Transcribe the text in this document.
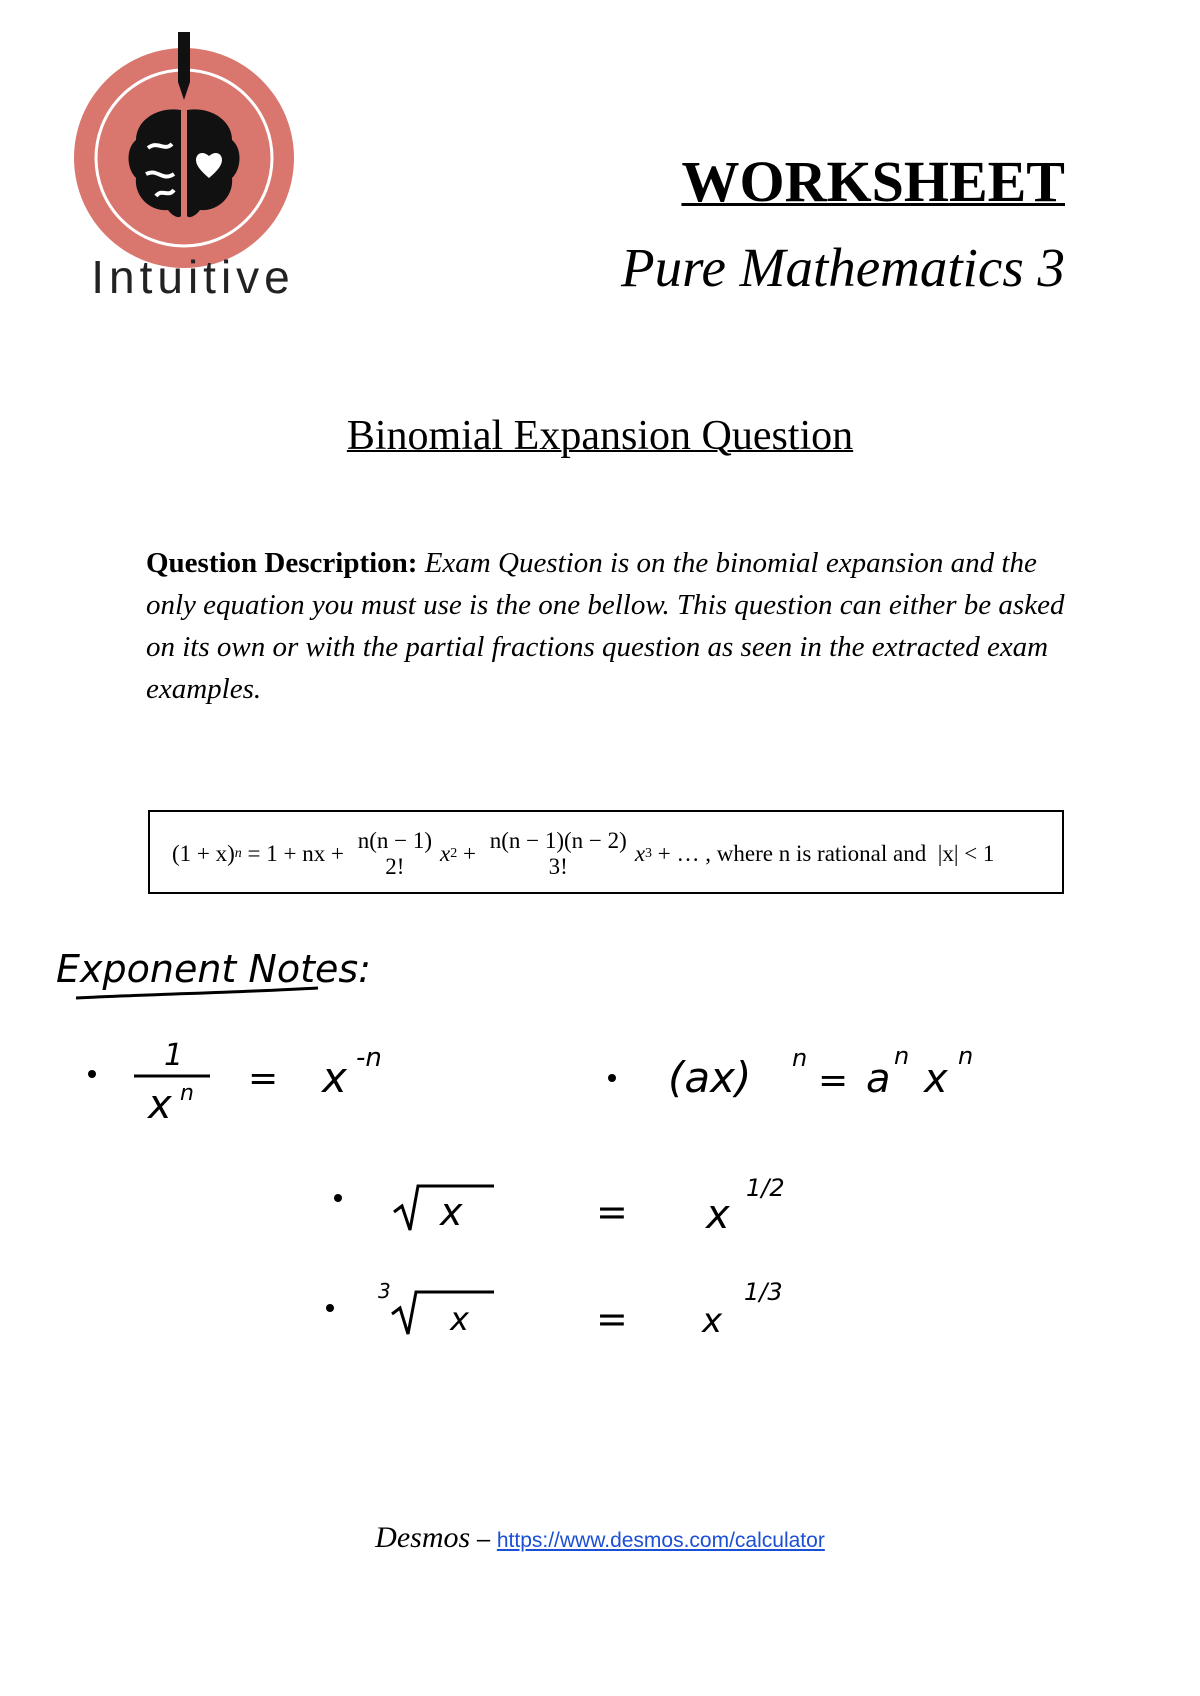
Intuitive
WORKSHEET
Pure Mathematics 3
Binomial Expansion Question
Question Description: Exam Question is on the binomial expansion and the only equation you must use is the one bellow. This question can either be asked on its own or with the partial fractions question as seen in the extracted exam examples.
(1 + x) n = 1 + nx +
n(n − 1)
2!
x 2 +
n(n − 1)(n − 2)
3!
x 3 + … , where n is rational and  |x| < 1
Exponent Notes:
1
x n = x -n	(ax) n
= a n x n
x	= x
1/2
3
x	= x
1/3
Desmos – https://www.desmos.com/calculator
